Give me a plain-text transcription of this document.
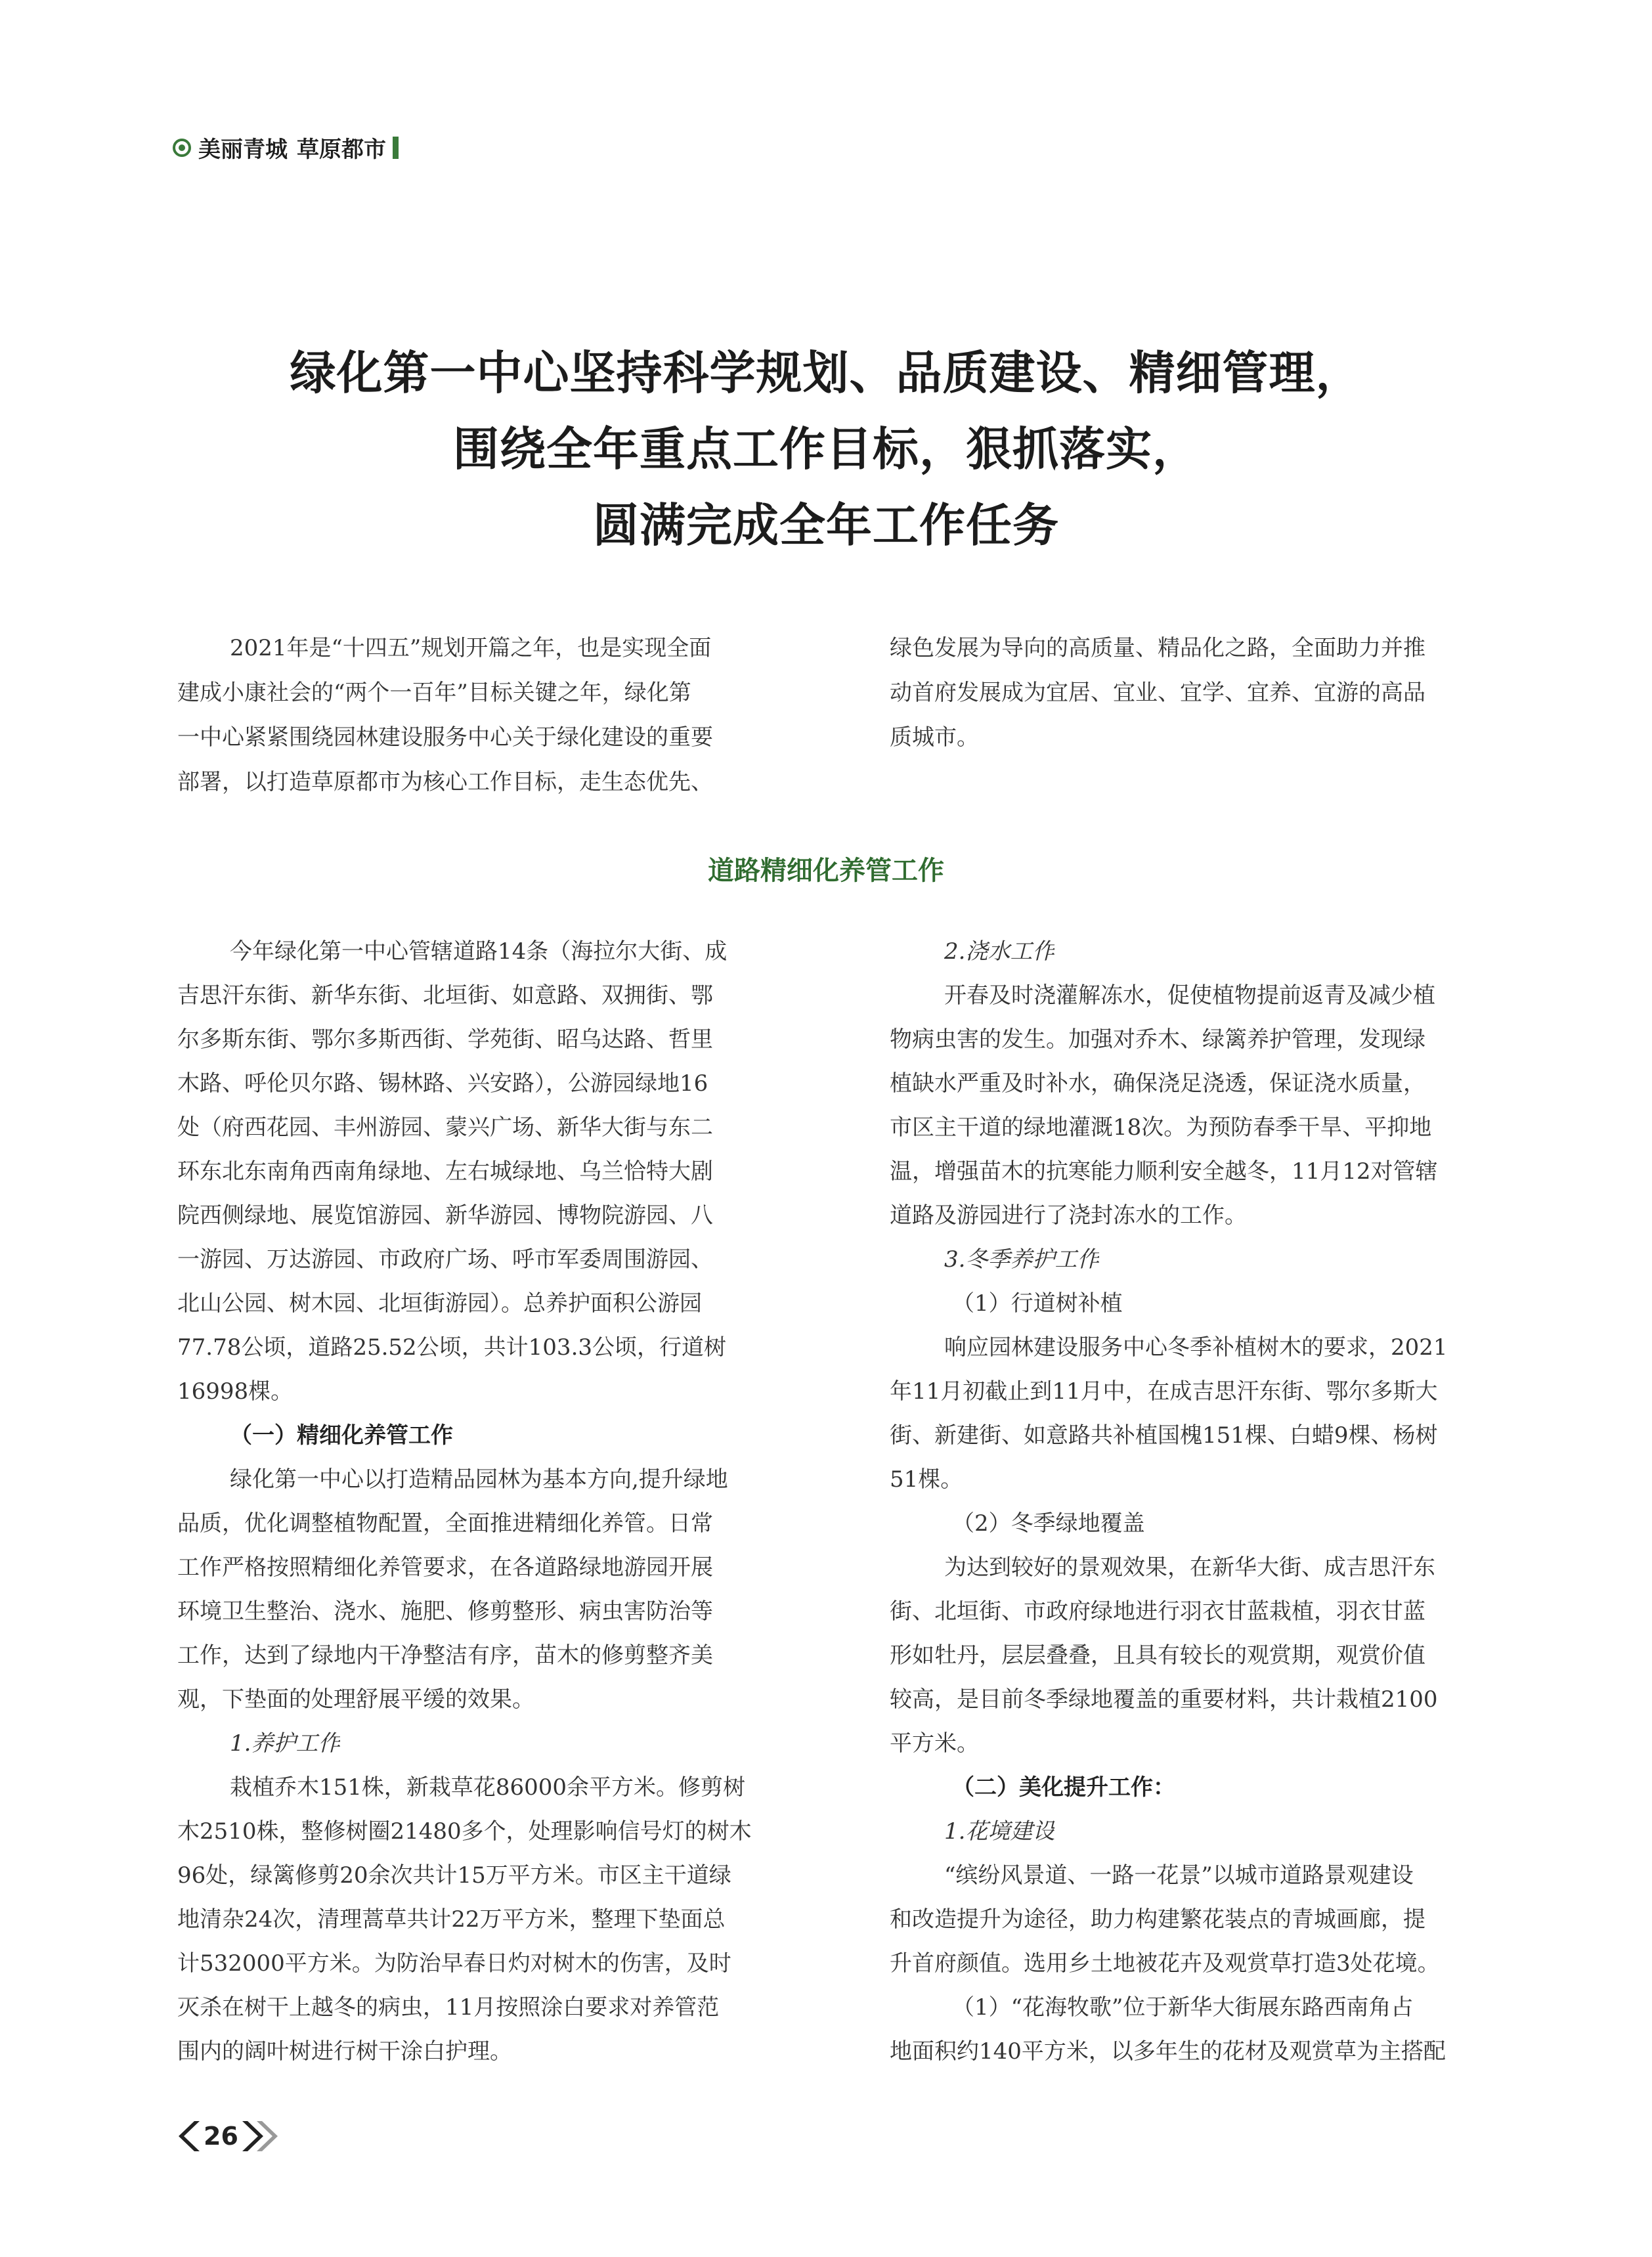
美丽青城 草原都市
绿化第一中心坚持科学规划、品质建设、精细管理，
围绕全年重点工作目标，狠抓落实，
圆满完成全年工作任务
2021年是“十四五”规划开篇之年，也是实现全面
建成小康社会的“两个一百年”目标关键之年，绿化第
一中心紧紧围绕园林建设服务中心关于绿化建设的重要
部署，以打造草原都市为核心工作目标，走生态优先、
绿色发展为导向的高质量、精品化之路，全面助力并推
动首府发展成为宜居、宜业、宜学、宜养、宜游的高品
质城市。
道路精细化养管工作
今年绿化第一中心管辖道路14条（海拉尔大街、成
吉思汗东街、新华东街、北垣街、如意路、双拥街、鄂
尔多斯东街、鄂尔多斯西街、学苑街、昭乌达路、哲里
木路、呼伦贝尔路、锡林路、兴安路），公游园绿地16
处（府西花园、丰州游园、蒙兴广场、新华大街与东二
环东北东南角西南角绿地、左右城绿地、乌兰恰特大剧
院西侧绿地、展览馆游园、新华游园、博物院游园、八
一游园、万达游园、市政府广场、呼市军委周围游园、
北山公园、树木园、北垣街游园）。总养护面积公游园
77.78公顷，道路25.52公顷，共计103.3公顷，行道树
16998棵。
（一）精细化养管工作
绿化第一中心以打造精品园林为基本方向,提升绿地
品质，优化调整植物配置，全面推进精细化养管。日常
工作严格按照精细化养管要求，在各道路绿地游园开展
环境卫生整治、浇水、施肥、修剪整形、病虫害防治等
工作，达到了绿地内干净整洁有序，苗木的修剪整齐美
观，下垫面的处理舒展平缓的效果。
1.养护工作
栽植乔木151株，新栽草花86000余平方米。修剪树
木2510株，整修树圈21480多个，处理影响信号灯的树木
96处，绿篱修剪20余次共计15万平方米。市区主干道绿
地清杂24次，清理蒿草共计22万平方米，整理下垫面总
计532000平方米。为防治早春日灼对树木的伤害，及时
灭杀在树干上越冬的病虫，11月按照涂白要求对养管范
围内的阔叶树进行树干涂白护理。
2.浇水工作
开春及时浇灌解冻水，促使植物提前返青及减少植
物病虫害的发生。加强对乔木、绿篱养护管理，发现绿
植缺水严重及时补水，确保浇足浇透，保证浇水质量，
市区主干道的绿地灌溉18次。为预防春季干旱、平抑地
温，增强苗木的抗寒能力顺利安全越冬，11月12对管辖
道路及游园进行了浇封冻水的工作。
3.冬季养护工作
（1）行道树补植
响应园林建设服务中心冬季补植树木的要求，2021
年11月初截止到11月中，在成吉思汗东街、鄂尔多斯大
街、新建街、如意路共补植国槐151棵、白蜡9棵、杨树
51棵。
（2）冬季绿地覆盖
为达到较好的景观效果，在新华大街、成吉思汗东
街、北垣街、市政府绿地进行羽衣甘蓝栽植，羽衣甘蓝
形如牡丹，层层叠叠，且具有较长的观赏期，观赏价值
较高，是目前冬季绿地覆盖的重要材料，共计栽植2100
平方米。
（二）美化提升工作：
1.花境建设
“缤纷风景道、一路一花景”以城市道路景观建设
和改造提升为途径，助力构建繁花装点的青城画廊，提
升首府颜值。选用乡土地被花卉及观赏草打造3处花境。
（1）“花海牧歌”位于新华大街展东路西南角占
地面积约140平方米，以多年生的花材及观赏草为主搭配
26
